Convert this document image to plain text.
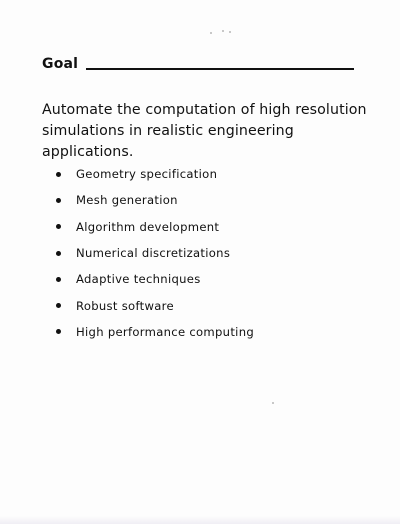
Goal
Automate the computation of high resolution simulations in realistic engineering applications.
Geometry specification
Mesh generation
Algorithm development
Numerical discretizations
Adaptive techniques
Robust software
High performance computing
